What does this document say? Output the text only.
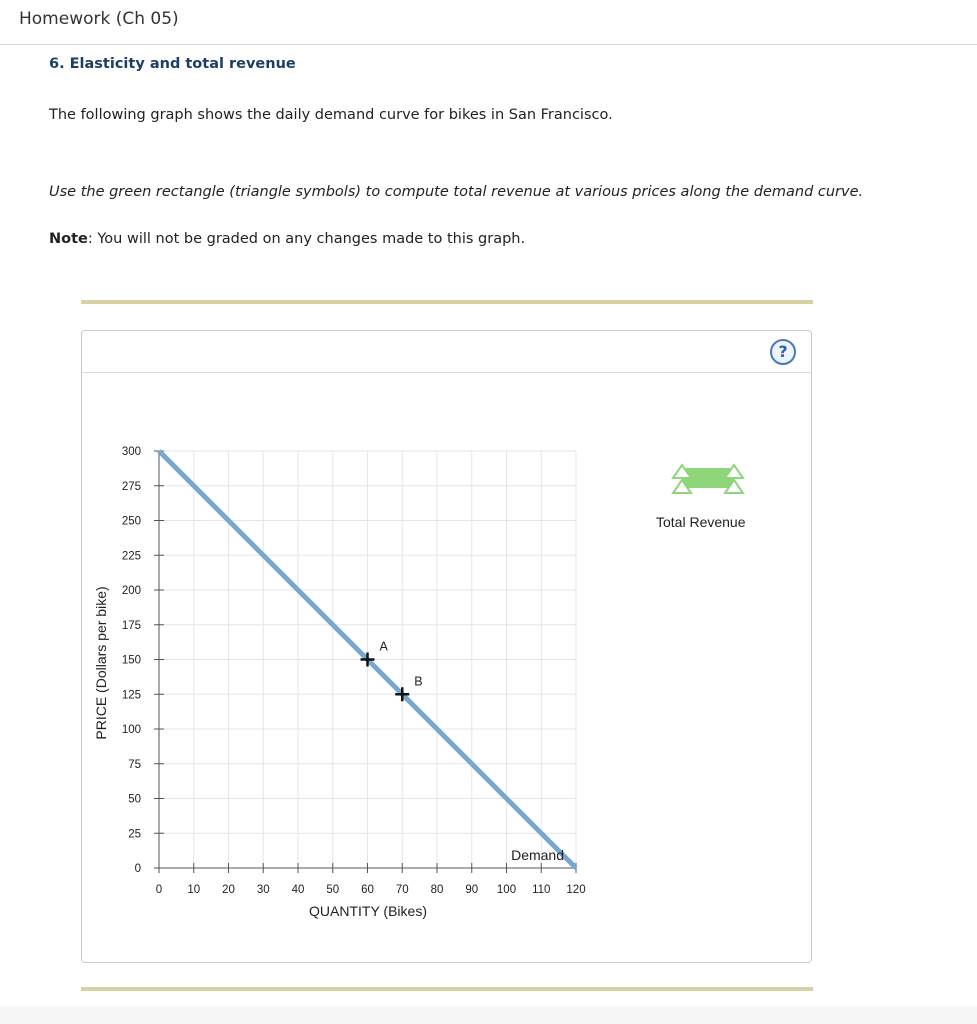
Homework (Ch 05)
6. Elasticity and total revenue
The following graph shows the daily demand curve for bikes in San Francisco.
Use the green rectangle (triangle symbols) to compute total revenue at various prices along the demand curve.
Note: You will not be graded on any changes made to this graph.
?
0 10 20 30 40 50 60 70 80 90 100 110 120
0
25
50
75
100
125
150
175
200
225
250
275
300
Demand
A
B
QUANTITY (Bikes)
PRICE (Dollars per bike)
Total Revenue
